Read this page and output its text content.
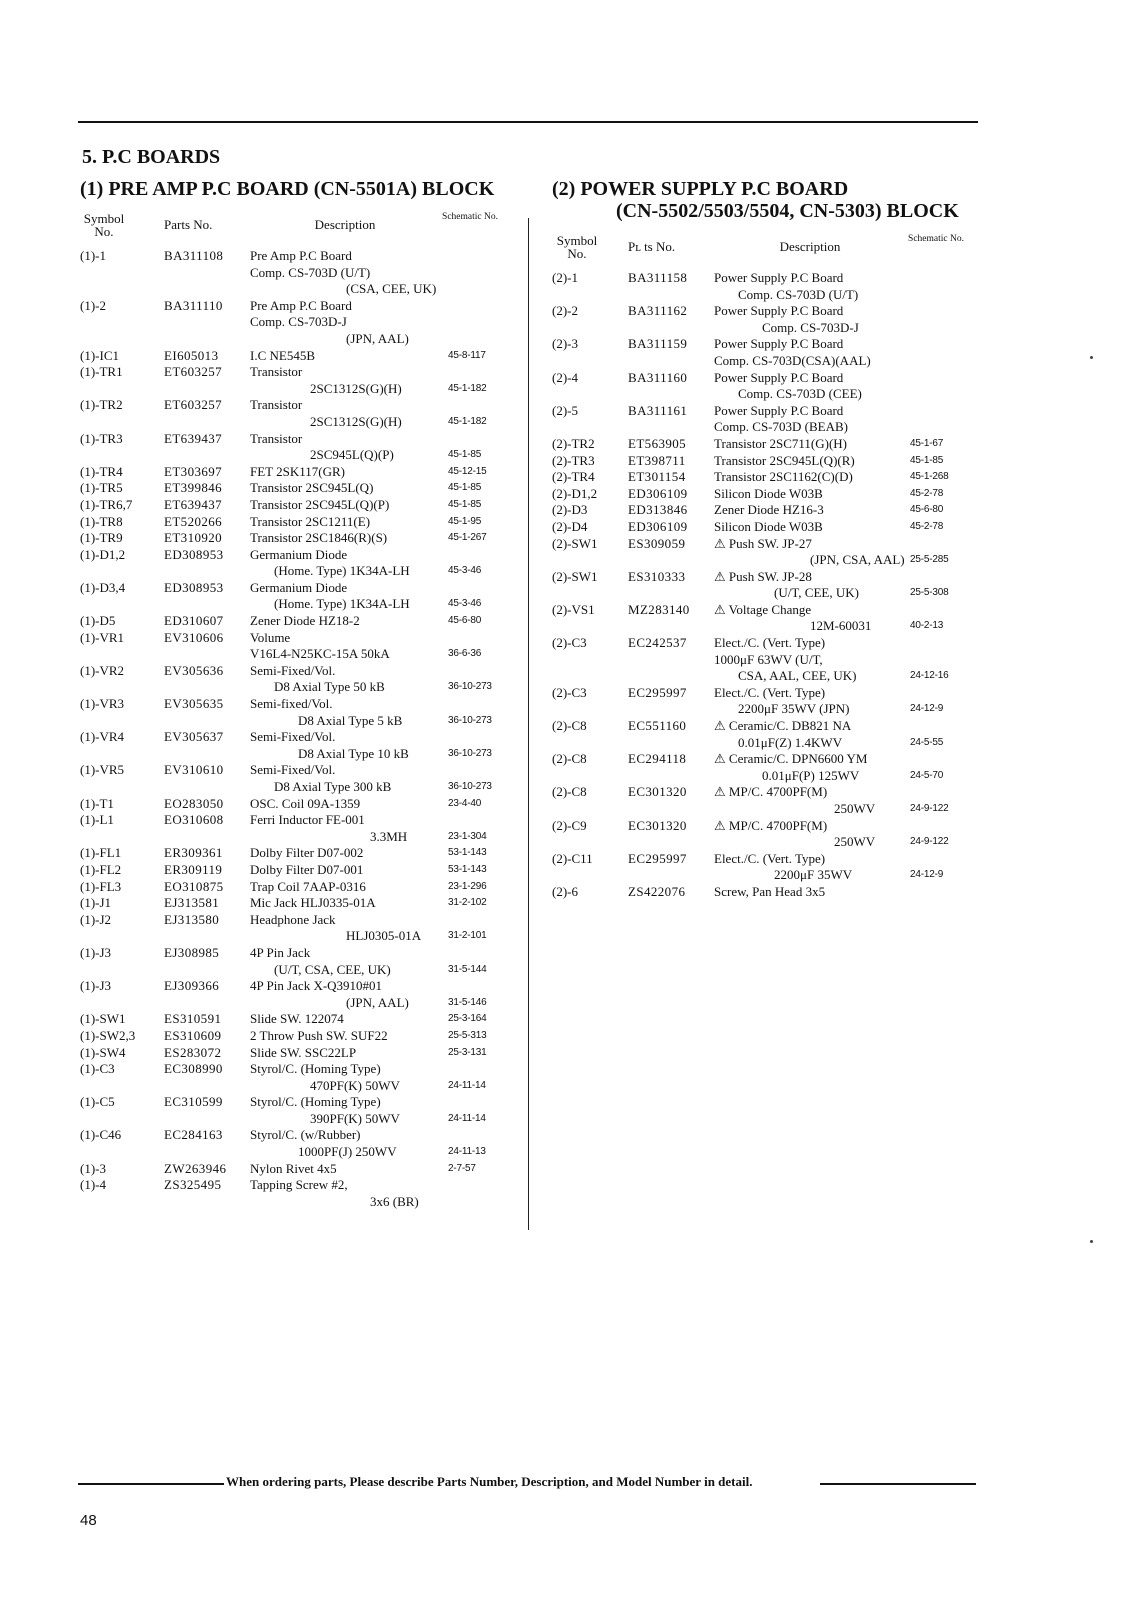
5. P.C BOARDS
(1) PRE AMP P.C BOARD (CN-5501A) BLOCK
Symbol No.	Parts No.	Description	Schematic No.
(1)-1	BA311108	Pre Amp P.C Board
Comp. CS-703D (U/T)
(CSA, CEE, UK)
(1)-2	BA311110	Pre Amp P.C Board
Comp. CS-703D-J
(JPN, AAL)
(1)-IC1	EI605013	I.C NE545B	45-8-117
(1)-TR1	ET603257	Transistor
2SC1312S(G)(H)	45-1-182
(1)-TR2	ET603257	Transistor
2SC1312S(G)(H)	45-1-182
(1)-TR3	ET639437	Transistor
2SC945L(Q)(P)	45-1-85
(1)-TR4	ET303697	FET 2SK117(GR)	45-12-15
(1)-TR5	ET399846	Transistor 2SC945L(Q)	45-1-85
(1)-TR6,7	ET639437	Transistor 2SC945L(Q)(P)	45-1-85
(1)-TR8	ET520266	Transistor 2SC1211(E)	45-1-95
(1)-TR9	ET310920	Transistor 2SC1846(R)(S)	45-1-267
(1)-D1,2	ED308953	Germanium Diode
(Home. Type) 1K34A-LH	45-3-46
(1)-D3,4	ED308953	Germanium Diode
(Home. Type) 1K34A-LH	45-3-46
(1)-D5	ED310607	Zener Diode HZ18-2	45-6-80
(1)-VR1	EV310606	Volume
V16L4-N25KC-15A 50kA	36-6-36
(1)-VR2	EV305636	Semi-Fixed/Vol.
D8 Axial Type 50 kB	36-10-273
(1)-VR3	EV305635	Semi-fixed/Vol.
D8 Axial Type 5 kB	36-10-273
(1)-VR4	EV305637	Semi-Fixed/Vol.
D8 Axial Type 10 kB	36-10-273
(1)-VR5	EV310610	Semi-Fixed/Vol.
D8 Axial Type 300 kB	36-10-273
(1)-T1	EO283050	OSC. Coil 09A-1359	23-4-40
(1)-L1	EO310608	Ferri Inductor FE-001
3.3MH	23-1-304
(1)-FL1	ER309361	Dolby Filter D07-002	53-1-143
(1)-FL2	ER309119	Dolby Filter D07-001	53-1-143
(1)-FL3	EO310875	Trap Coil 7AAP-0316	23-1-296
(1)-J1	EJ313581	Mic Jack HLJ0335-01A	31-2-102
(1)-J2	EJ313580	Headphone Jack
HLJ0305-01A	31-2-101
(1)-J3	EJ308985	4P Pin Jack
(U/T, CSA, CEE, UK)	31-5-144
(1)-J3	EJ309366	4P Pin Jack X-Q3910#01
(JPN, AAL)	31-5-146
(1)-SW1	ES310591	Slide SW. 122074	25-3-164
(1)-SW2,3	ES310609	2 Throw Push SW. SUF22	25-5-313
(1)-SW4	ES283072	Slide SW. SSC22LP	25-3-131
(1)-C3	EC308990	Styrol/C. (Homing Type)
470PF(K) 50WV	24-11-14
(1)-C5	EC310599	Styrol/C. (Homing Type)
390PF(K) 50WV	24-11-14
(1)-C46	EC284163	Styrol/C. (w/Rubber)
1000PF(J) 250WV	24-11-13
(1)-3	ZW263946	Nylon Rivet 4x5	2-7-57
(1)-4	ZS325495	Tapping Screw #2,
3x6 (BR)
(2) POWER SUPPLY P.C BOARD
(CN-5502/5503/5504, CN-5303) BLOCK
Symbol No.	Pʟ ts No.	Description	Schematic No.
(2)-1	BA311158	Power Supply P.C Board
Comp. CS-703D (U/T)
(2)-2	BA311162	Power Supply P.C Board
Comp. CS-703D-J
(2)-3	BA311159	Power Supply P.C Board
Comp. CS-703D(CSA)(AAL)
(2)-4	BA311160	Power Supply P.C Board
Comp. CS-703D (CEE)
(2)-5	BA311161	Power Supply P.C Board
Comp. CS-703D (BEAB)
(2)-TR2	ET563905	Transistor 2SC711(G)(H)	45-1-67
(2)-TR3	ET398711	Transistor 2SC945L(Q)(R)	45-1-85
(2)-TR4	ET301154	Transistor 2SC1162(C)(D)	45-1-268
(2)-D1,2	ED306109	Silicon Diode W03B	45-2-78
(2)-D3	ED313846	Zener Diode HZ16-3	45-6-80
(2)-D4	ED306109	Silicon Diode W03B	45-2-78
(2)-SW1	ES309059	⚠ Push SW. JP-27
(JPN, CSA, AAL) 25-5-285
(2)-SW1	ES310333	⚠ Push SW. JP-28
(U/T, CEE, UK)	25-5-308
(2)-VS1	MZ283140	⚠ Voltage Change
12M-60031	40-2-13
(2)-C3	EC242537	Elect./C. (Vert. Type)
1000μF 63WV (U/T,
CSA, AAL, CEE, UK)	24-12-16
(2)-C3	EC295997	Elect./C. (Vert. Type)
2200μF 35WV (JPN)	24-12-9
(2)-C8	EC551160	⚠ Ceramic/C. DB821 NA
0.01μF(Z) 1.4KWV	24-5-55
(2)-C8	EC294118	⚠ Ceramic/C. DPN6600 YM
0.01μF(P) 125WV	24-5-70
(2)-C8	EC301320	⚠ MP/C. 4700PF(M)
250WV	24-9-122
(2)-C9	EC301320	⚠ MP/C. 4700PF(M)
250WV	24-9-122
(2)-C11	EC295997	Elect./C. (Vert. Type)
2200μF 35WV	24-12-9
(2)-6	ZS422076	Screw, Pan Head 3x5
When ordering parts, Please describe Parts Number, Description, and Model Number in detail.
48
